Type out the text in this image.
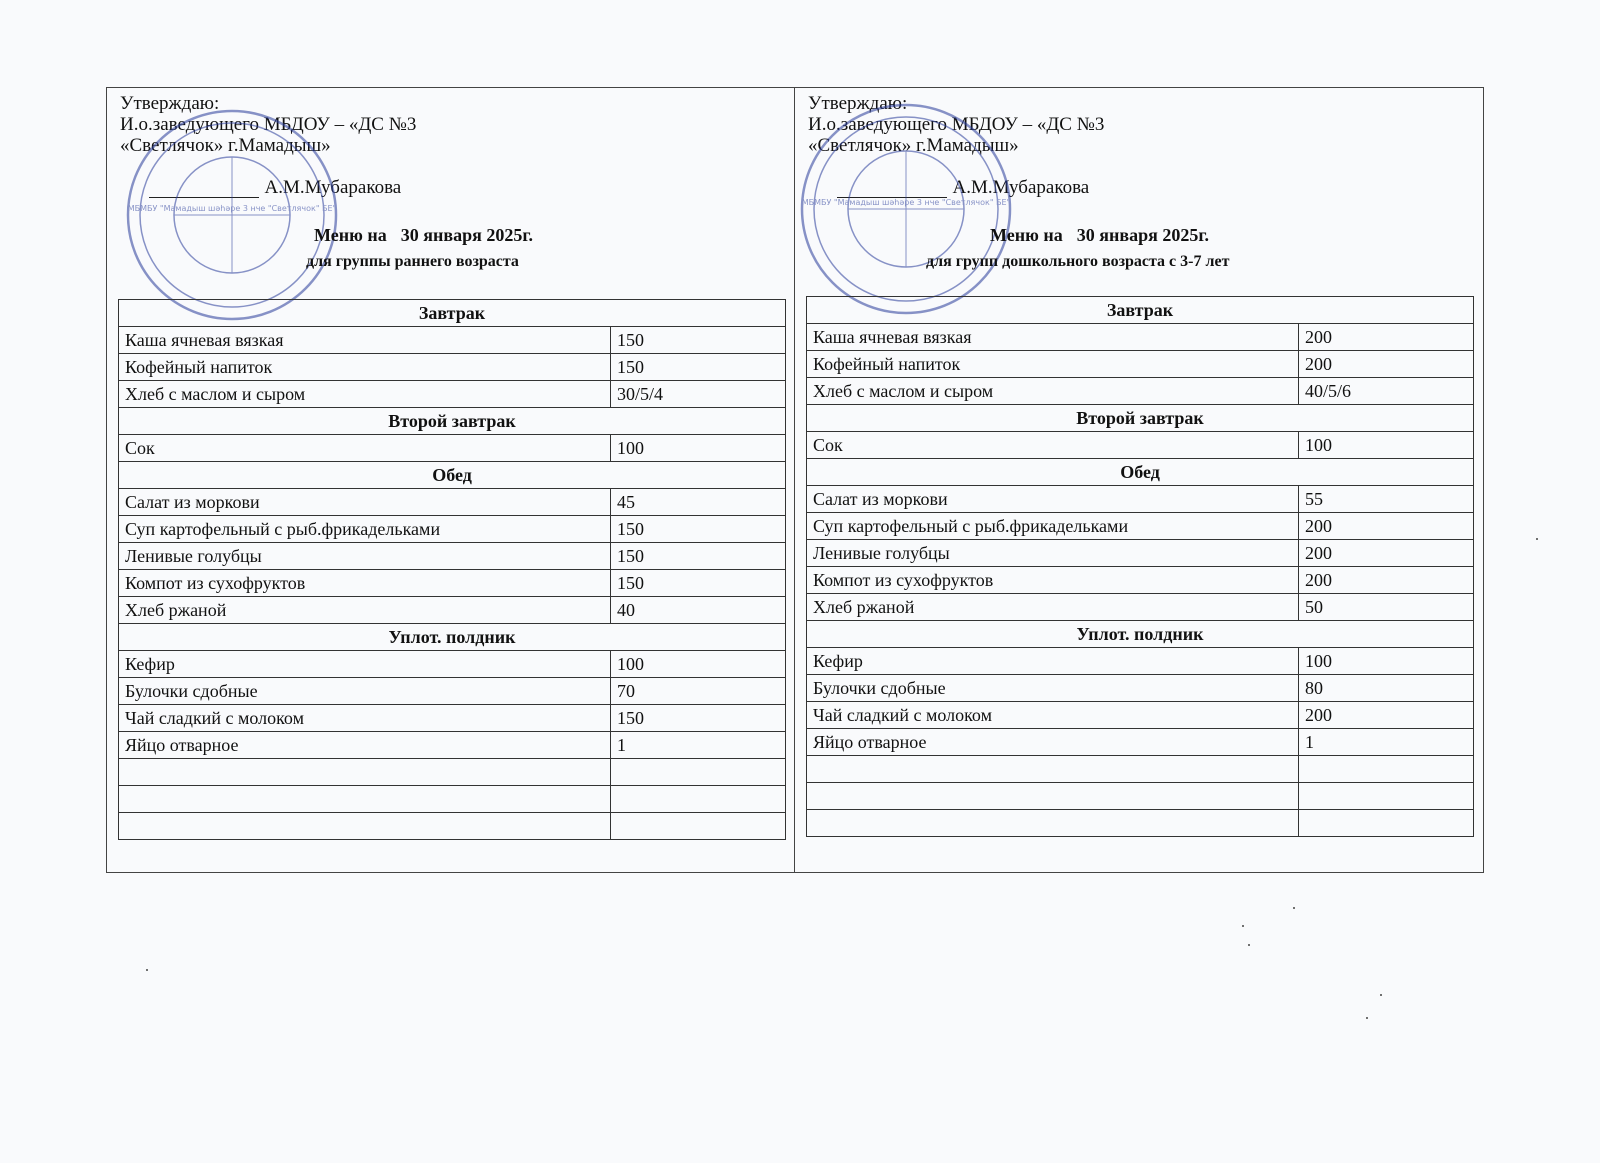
Утверждаю:
И.о.заведующего МБДОУ – «ДС №3
«Светлячок» г.Мамадыш»

А.М.Мубаракова

МБМБУ "Мамадыш шәһәре 3 нче "Светлячок" БЕ"
Меню на 30 января 2025г.
для группы раннего возраста
Завтрак	
Каша ячневая вязкая	150
Кофейный напиток	150
Хлеб с маслом и сыром	30/5/4
Второй завтрак	
Сок	100
Обед	
Салат из моркови	45
Суп картофельный с рыб.фрикадельками	150
Ленивые голубцы	150
Компот из сухофруктов	150
Хлеб ржаной	40
Уплот. полдник	
Кефир	100
Булочки сдобные	70
Чай сладкий с молоком	150
Яйцо отварное	1

Утверждаю:
И.о.заведующего МБДОУ – «ДС №3
«Светлячок» г.Мамадыш»

А.М.Мубаракова

МБМБУ "Мамадыш шәһәре 3 нче "Светлячок" БЕ"
Меню на 30 января 2025г.
для групп дошкольного возраста с 3-7 лет
Завтрак	
Каша ячневая вязкая	200
Кофейный напиток	200
Хлеб с маслом и сыром	40/5/6
Второй завтрак	
Сок	100
Обед	
Салат из моркови	55
Суп картофельный с рыб.фрикадельками	200
Ленивые голубцы	200
Компот из сухофруктов	200
Хлеб ржаной	50
Уплот. полдник	
Кефир	100
Булочки сдобные	80
Чай сладкий с молоком	200
Яйцо отварное	1
